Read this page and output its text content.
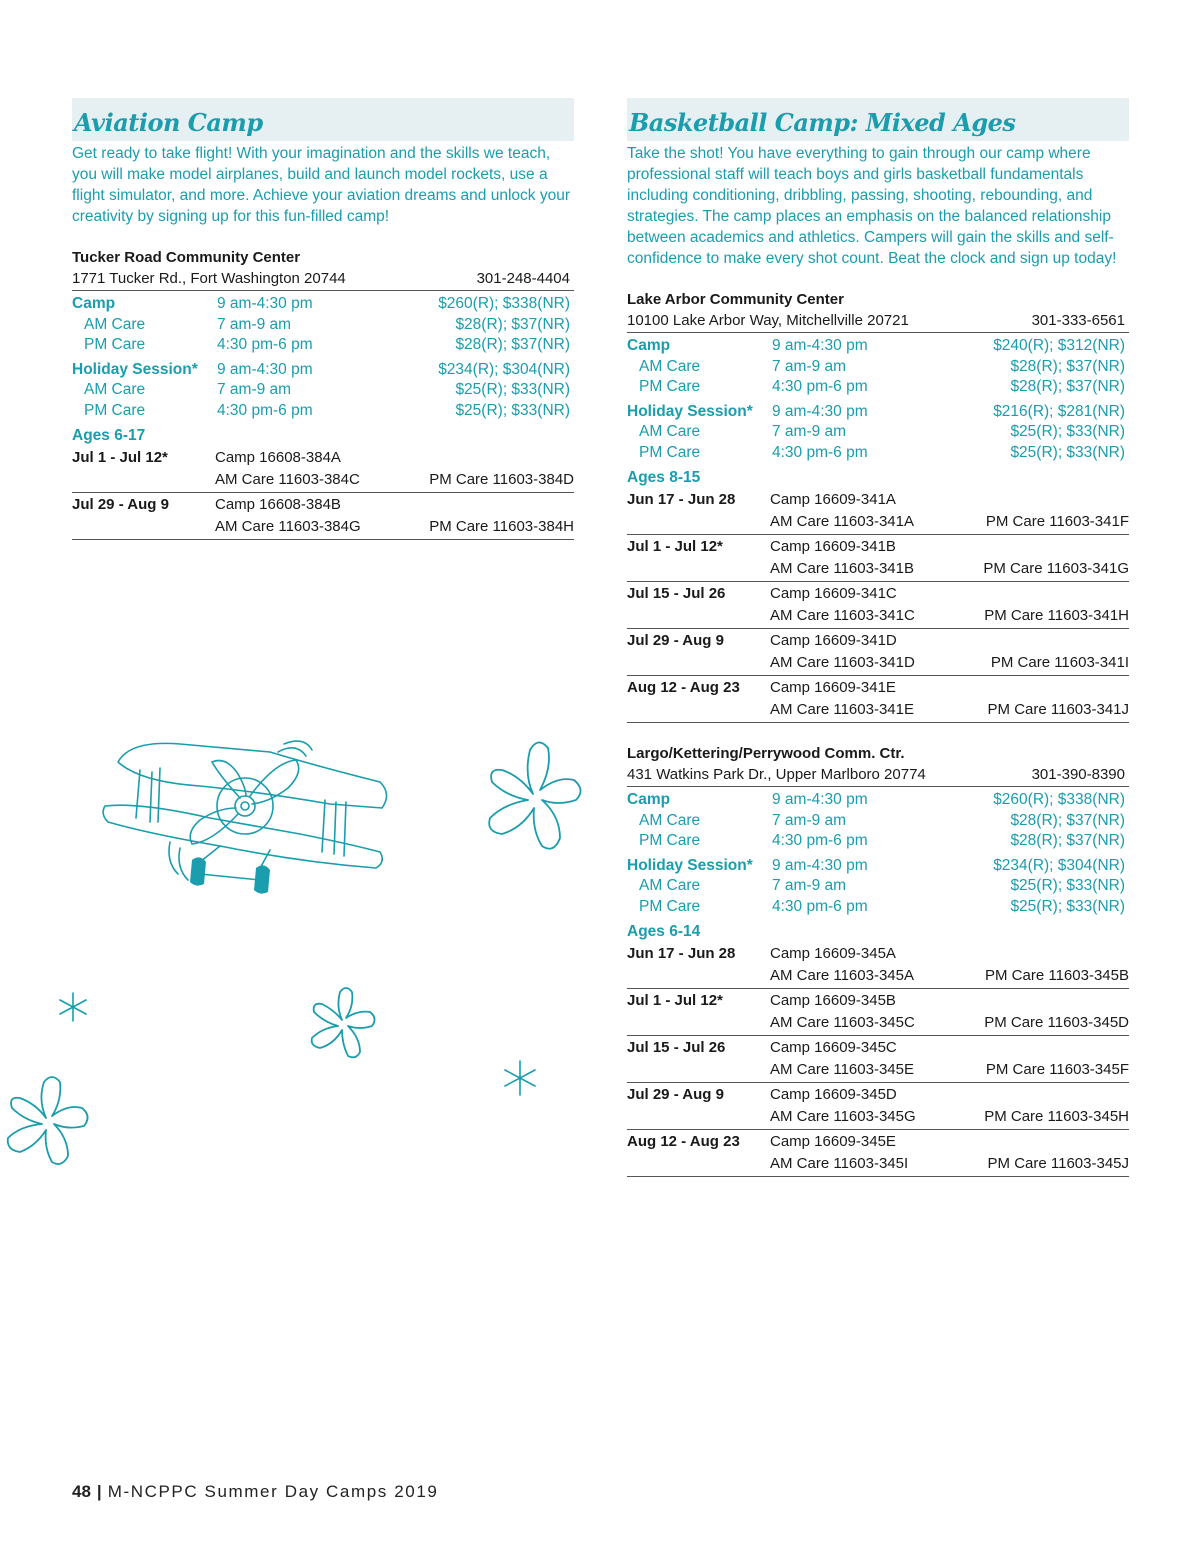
Aviation Camp

Get ready to take flight! With your imagination and the skills we teach, you will make model airplanes, build and launch model rockets, use a flight simulator, and more. Achieve your aviation dreams and unlock your creativity by signing up for this fun-filled camp!

Tucker Road Community Center
1771 Tucker Rd., Fort Washington 20744	301-248-4404
Camp	9 am-4:30 pm	$260(R); $338(NR)
AM Care	7 am-9 am	$28(R); $37(NR)
PM Care	4:30 pm-6 pm	$28(R); $37(NR)
Holiday Session*	9 am-4:30 pm	$234(R); $304(NR)
AM Care	7 am-9 am	$25(R); $33(NR)
PM Care	4:30 pm-6 pm	$25(R); $33(NR)
Ages 6-17
Jul 1 - Jul 12*	Camp 16608-384A
AM Care 11603-384C	PM Care 11603-384D
Jul 29 - Aug 9	Camp 16608-384B
AM Care 11603-384G	PM Care 11603-384H
Basketball Camp: Mixed Ages

Take the shot! You have everything to gain through our camp where professional staff will teach boys and girls basketball fundamentals including conditioning, dribbling, passing, shooting, rebounding, and strategies. The camp places an emphasis on the balanced relationship between academics and athletics. Campers will gain the skills and self-confidence to make every shot count. Beat the clock and sign up today!

Lake Arbor Community Center
10100 Lake Arbor Way, Mitchellville 20721	301-333-6561
Camp	9 am-4:30 pm	$240(R); $312(NR)
AM Care	7 am-9 am	$28(R); $37(NR)
PM Care	4:30 pm-6 pm	$28(R); $37(NR)
Holiday Session*	9 am-4:30 pm	$216(R); $281(NR)
AM Care	7 am-9 am	$25(R); $33(NR)
PM Care	4:30 pm-6 pm	$25(R); $33(NR)
Ages 8-15
Jun 17 - Jun 28	Camp 16609-341A
AM Care 11603-341A	PM Care 11603-341F
Jul 1 - Jul 12*	Camp 16609-341B
AM Care 11603-341B	PM Care 11603-341G
Jul 15 - Jul 26	Camp 16609-341C
AM Care 11603-341C	PM Care 11603-341H
Jul 29 - Aug 9	Camp 16609-341D
AM Care 11603-341D	PM Care 11603-341I
Aug 12 - Aug 23	Camp 16609-341E
AM Care 11603-341E	PM Care 11603-341J
Largo/Kettering/Perrywood Comm. Ctr.
431 Watkins Park Dr., Upper Marlboro 20774	301-390-8390
Camp	9 am-4:30 pm	$260(R); $338(NR)
AM Care	7 am-9 am	$28(R); $37(NR)
PM Care	4:30 pm-6 pm	$28(R); $37(NR)
Holiday Session*	9 am-4:30 pm	$234(R); $304(NR)
AM Care	7 am-9 am	$25(R); $33(NR)
PM Care	4:30 pm-6 pm	$25(R); $33(NR)
Ages 6-14
Jun 17 - Jun 28	Camp 16609-345A
AM Care 11603-345A	PM Care 11603-345B
Jul 1 - Jul 12*	Camp 16609-345B
AM Care 11603-345C	PM Care 11603-345D
Jul 15 - Jul 26	Camp 16609-345C
AM Care 11603-345E	PM Care 11603-345F
Jul 29 - Aug 9	Camp 16609-345D
AM Care 11603-345G	PM Care 11603-345H
Aug 12 - Aug 23	Camp 16609-345E
AM Care 11603-345I	PM Care 11603-345J
48 | M-NCPPC Summer Day Camps 2019
